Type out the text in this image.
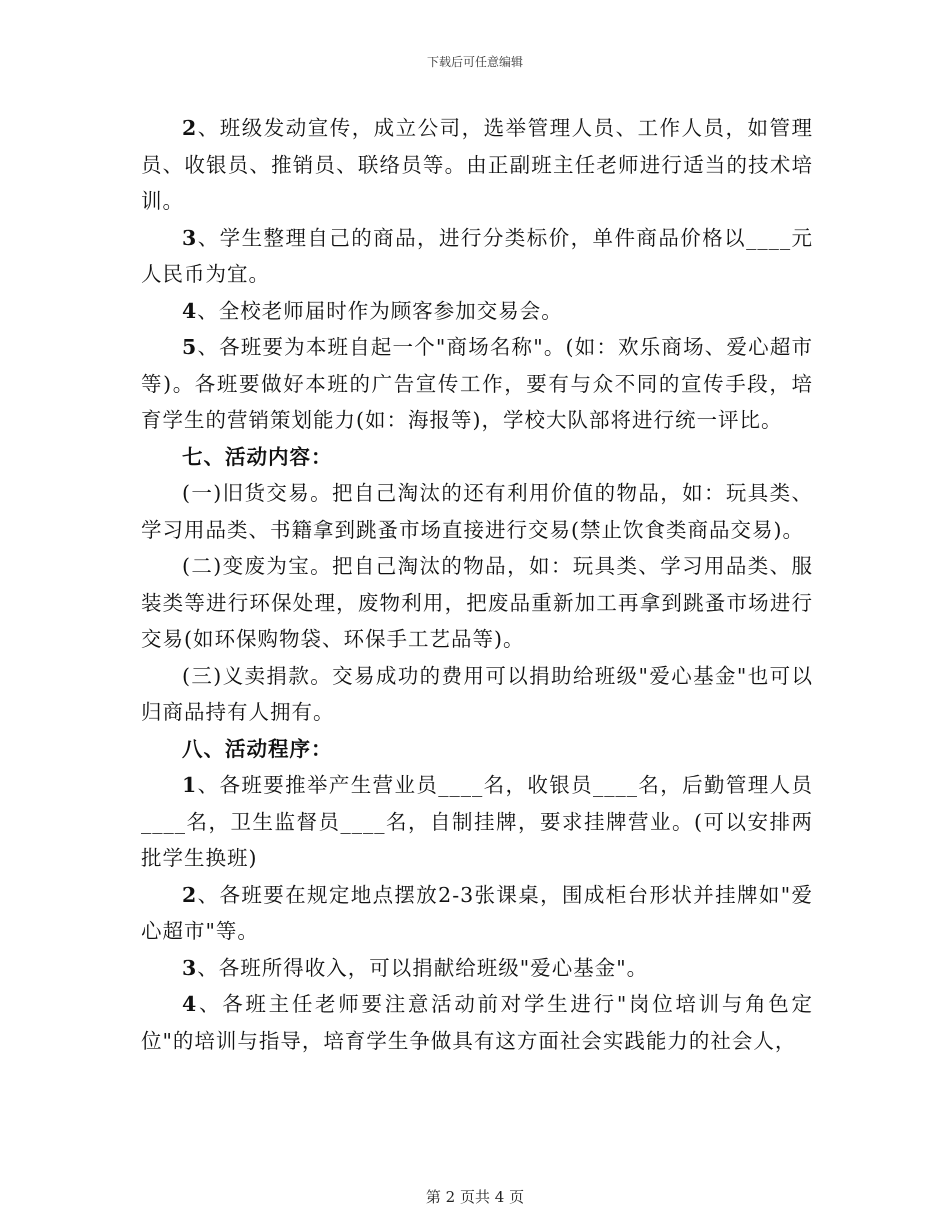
下载后可任意编辑

2、班级发动宣传，成立公司，选举管理人员、工作人员，如管理员、收银员、推销员、联络员等。由正副班主任老师进行适当的技术培训。

3、学生整理自己的商品，进行分类标价，单件商品价格以____元人民币为宜。

4、全校老师届时作为顾客参加交易会。

5、各班要为本班自起一个"商场名称"。(如：欢乐商场、爱心超市等)。各班要做好本班的广告宣传工作，要有与众不同的宣传手段，培育学生的营销策划能力(如：海报等)，学校大队部将进行统一评比。

七、活动内容：

(一)旧货交易。把自己淘汰的还有利用价值的物品，如：玩具类、学习用品类、书籍拿到跳蚤市场直接进行交易(禁止饮食类商品交易)。

(二)变废为宝。把自己淘汰的物品，如：玩具类、学习用品类、服装类等进行环保处理，废物利用，把废品重新加工再拿到跳蚤市场进行交易(如环保购物袋、环保手工艺品等)。

(三)义卖捐款。交易成功的费用可以捐助给班级"爱心基金"也可以归商品持有人拥有。

八、活动程序：

1、各班要推举产生营业员____名，收银员____名，后勤管理人员____名，卫生监督员____名，自制挂牌，要求挂牌营业。(可以安排两批学生换班)

2、各班要在规定地点摆放2-3张课桌，围成柜台形状并挂牌如"爱心超市"等。

3、各班所得收入，可以捐献给班级"爱心基金"。

4、各班主任老师要注意活动前对学生进行"岗位培训与角色定位"的培训与指导，培育学生争做具有这方面社会实践能力的社会人，

第 2 页共 4 页
